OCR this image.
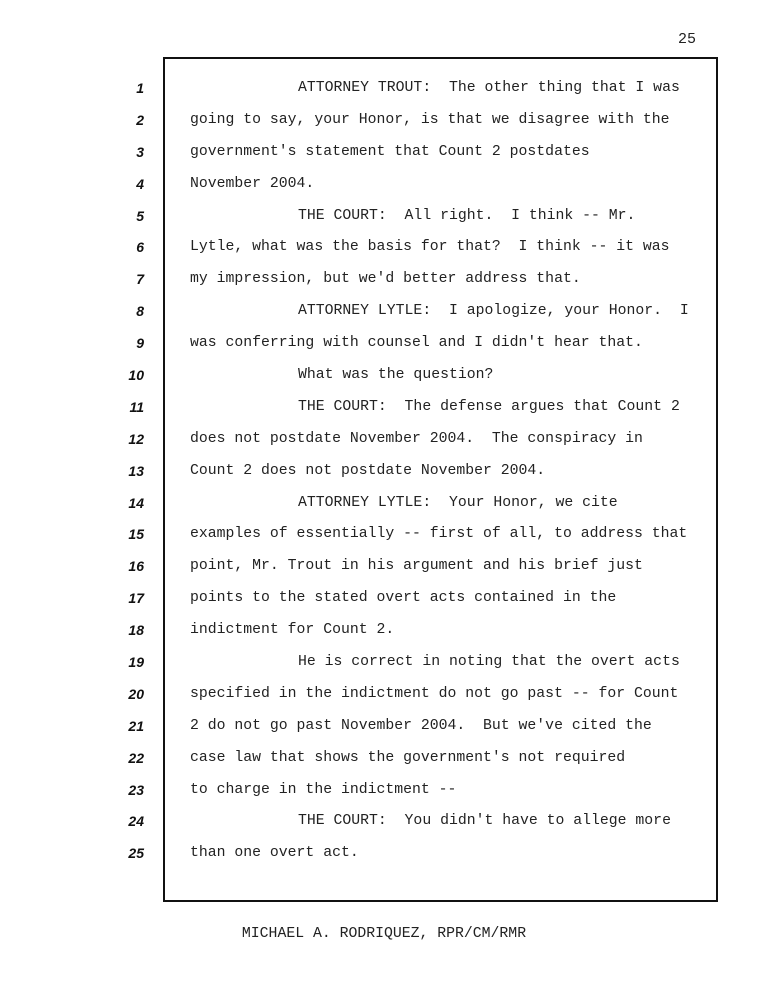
25
1
2
3
4
5
6
7
8
9
10
11
12
13
14
15
16
17
18
19
20
21
22
23
24
25
ATTORNEY TROUT:  The other thing that I was
going to say, your Honor, is that we disagree with the
government's statement that Count 2 postdates
November 2004.
THE COURT:  All right.  I think -- Mr.
Lytle, what was the basis for that?  I think -- it was
my impression, but we'd better address that.
ATTORNEY LYTLE:  I apologize, your Honor.  I
was conferring with counsel and I didn't hear that.
What was the question?
THE COURT:  The defense argues that Count 2
does not postdate November 2004.  The conspiracy in
Count 2 does not postdate November 2004.
ATTORNEY LYTLE:  Your Honor, we cite
examples of essentially -- first of all, to address that
point, Mr. Trout in his argument and his brief just
points to the stated overt acts contained in the
indictment for Count 2.
He is correct in noting that the overt acts
specified in the indictment do not go past -- for Count
2 do not go past November 2004.  But we've cited the
case law that shows the government's not required
to charge in the indictment --
THE COURT:  You didn't have to allege more
than one overt act.
MICHAEL A. RODRIQUEZ, RPR/CM/RMR
